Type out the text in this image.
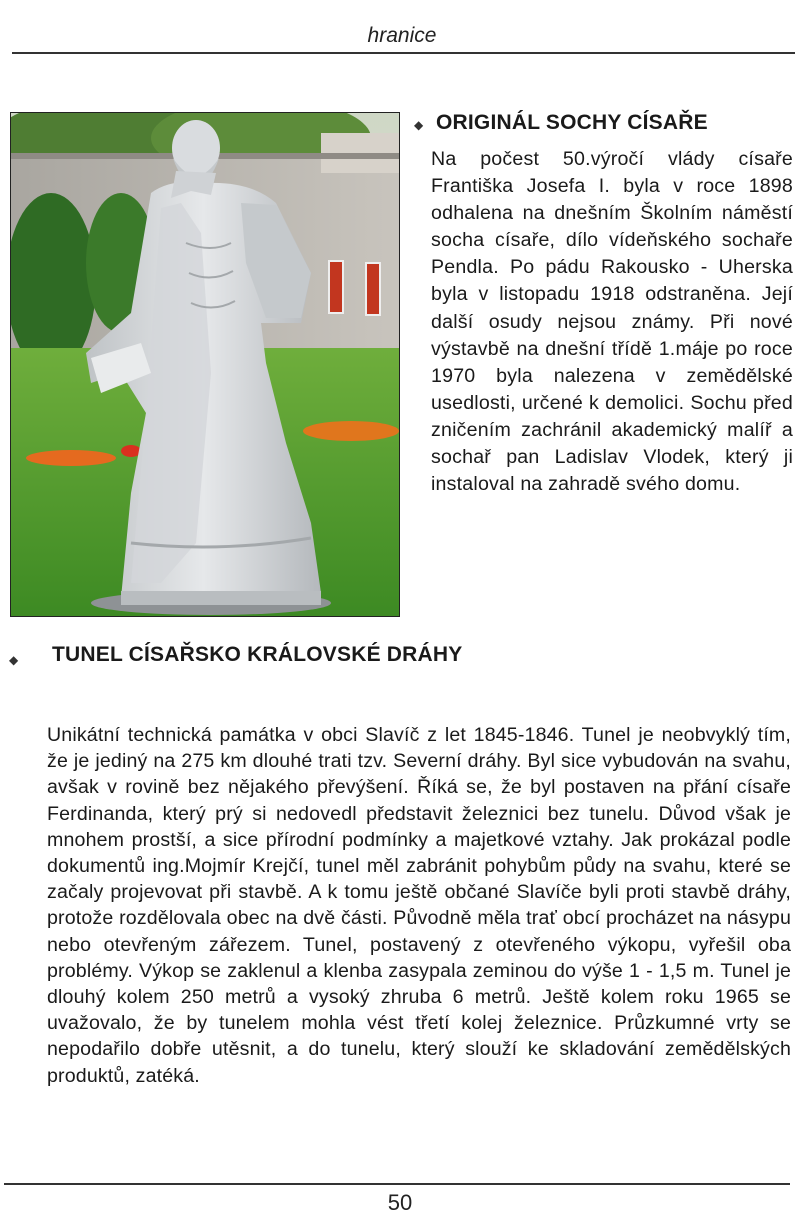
hranice
◆ ORIGINÁL SOCHY CÍSAŘE
Na počest 50.výročí vlády císaře Františka Josefa I. byla v roce 1898 odhalena na dnešním Školním náměstí socha císaře, dílo vídeňského sochaře Pendla. Po pádu Rakousko - Uherska byla v listopadu 1918 odstraněna. Její další osudy nejsou známy. Při nové výstavbě na dnešní třídě 1.máje po roce 1970 byla nalezena v zemědělské usedlosti, určené k demolici. Sochu před zničením zachránil akademický malíř a sochař pan Ladislav Vlodek, který ji instaloval na zahradě svého domu.
◆ TUNEL CÍSAŘSKO KRÁLOVSKÉ DRÁHY
Unikátní technická památka v obci Slavíč z let 1845-1846. Tunel je neobvyklý tím, že je jediný na 275 km dlouhé trati tzv. Severní dráhy. Byl sice vybudován na svahu, avšak v rovině bez nějakého převýšení. Říká se, že byl postaven na přání císaře Ferdinanda, který prý si nedovedl představit železnici bez tunelu. Důvod však je mnohem prostší, a sice přírodní podmínky a majetkové vztahy. Jak prokázal podle dokumentů ing.Mojmír Krejčí, tunel měl zabránit pohybům půdy na svahu, které se začaly projevovat při stavbě. A k tomu ještě občané Slavíče byli proti stavbě dráhy, protože rozdělovala obec na dvě části. Původně měla trať obcí procházet na násypu nebo otevřeným zářezem. Tunel, postavený z otevřeného výkopu, vyřešil oba problémy. Výkop se zaklenul a klenba zasypala zeminou do výše 1 - 1,5 m. Tunel je dlouhý kolem 250 metrů a vysoký zhruba 6 metrů. Ještě kolem roku 1965 se uvažovalo, že by tunelem mohla vést třetí kolej železnice. Průzkumné vrty se nepodařilo dobře utěsnit, a do tunelu, který slouží ke skladování zemědělských produktů, zatéká.
50
